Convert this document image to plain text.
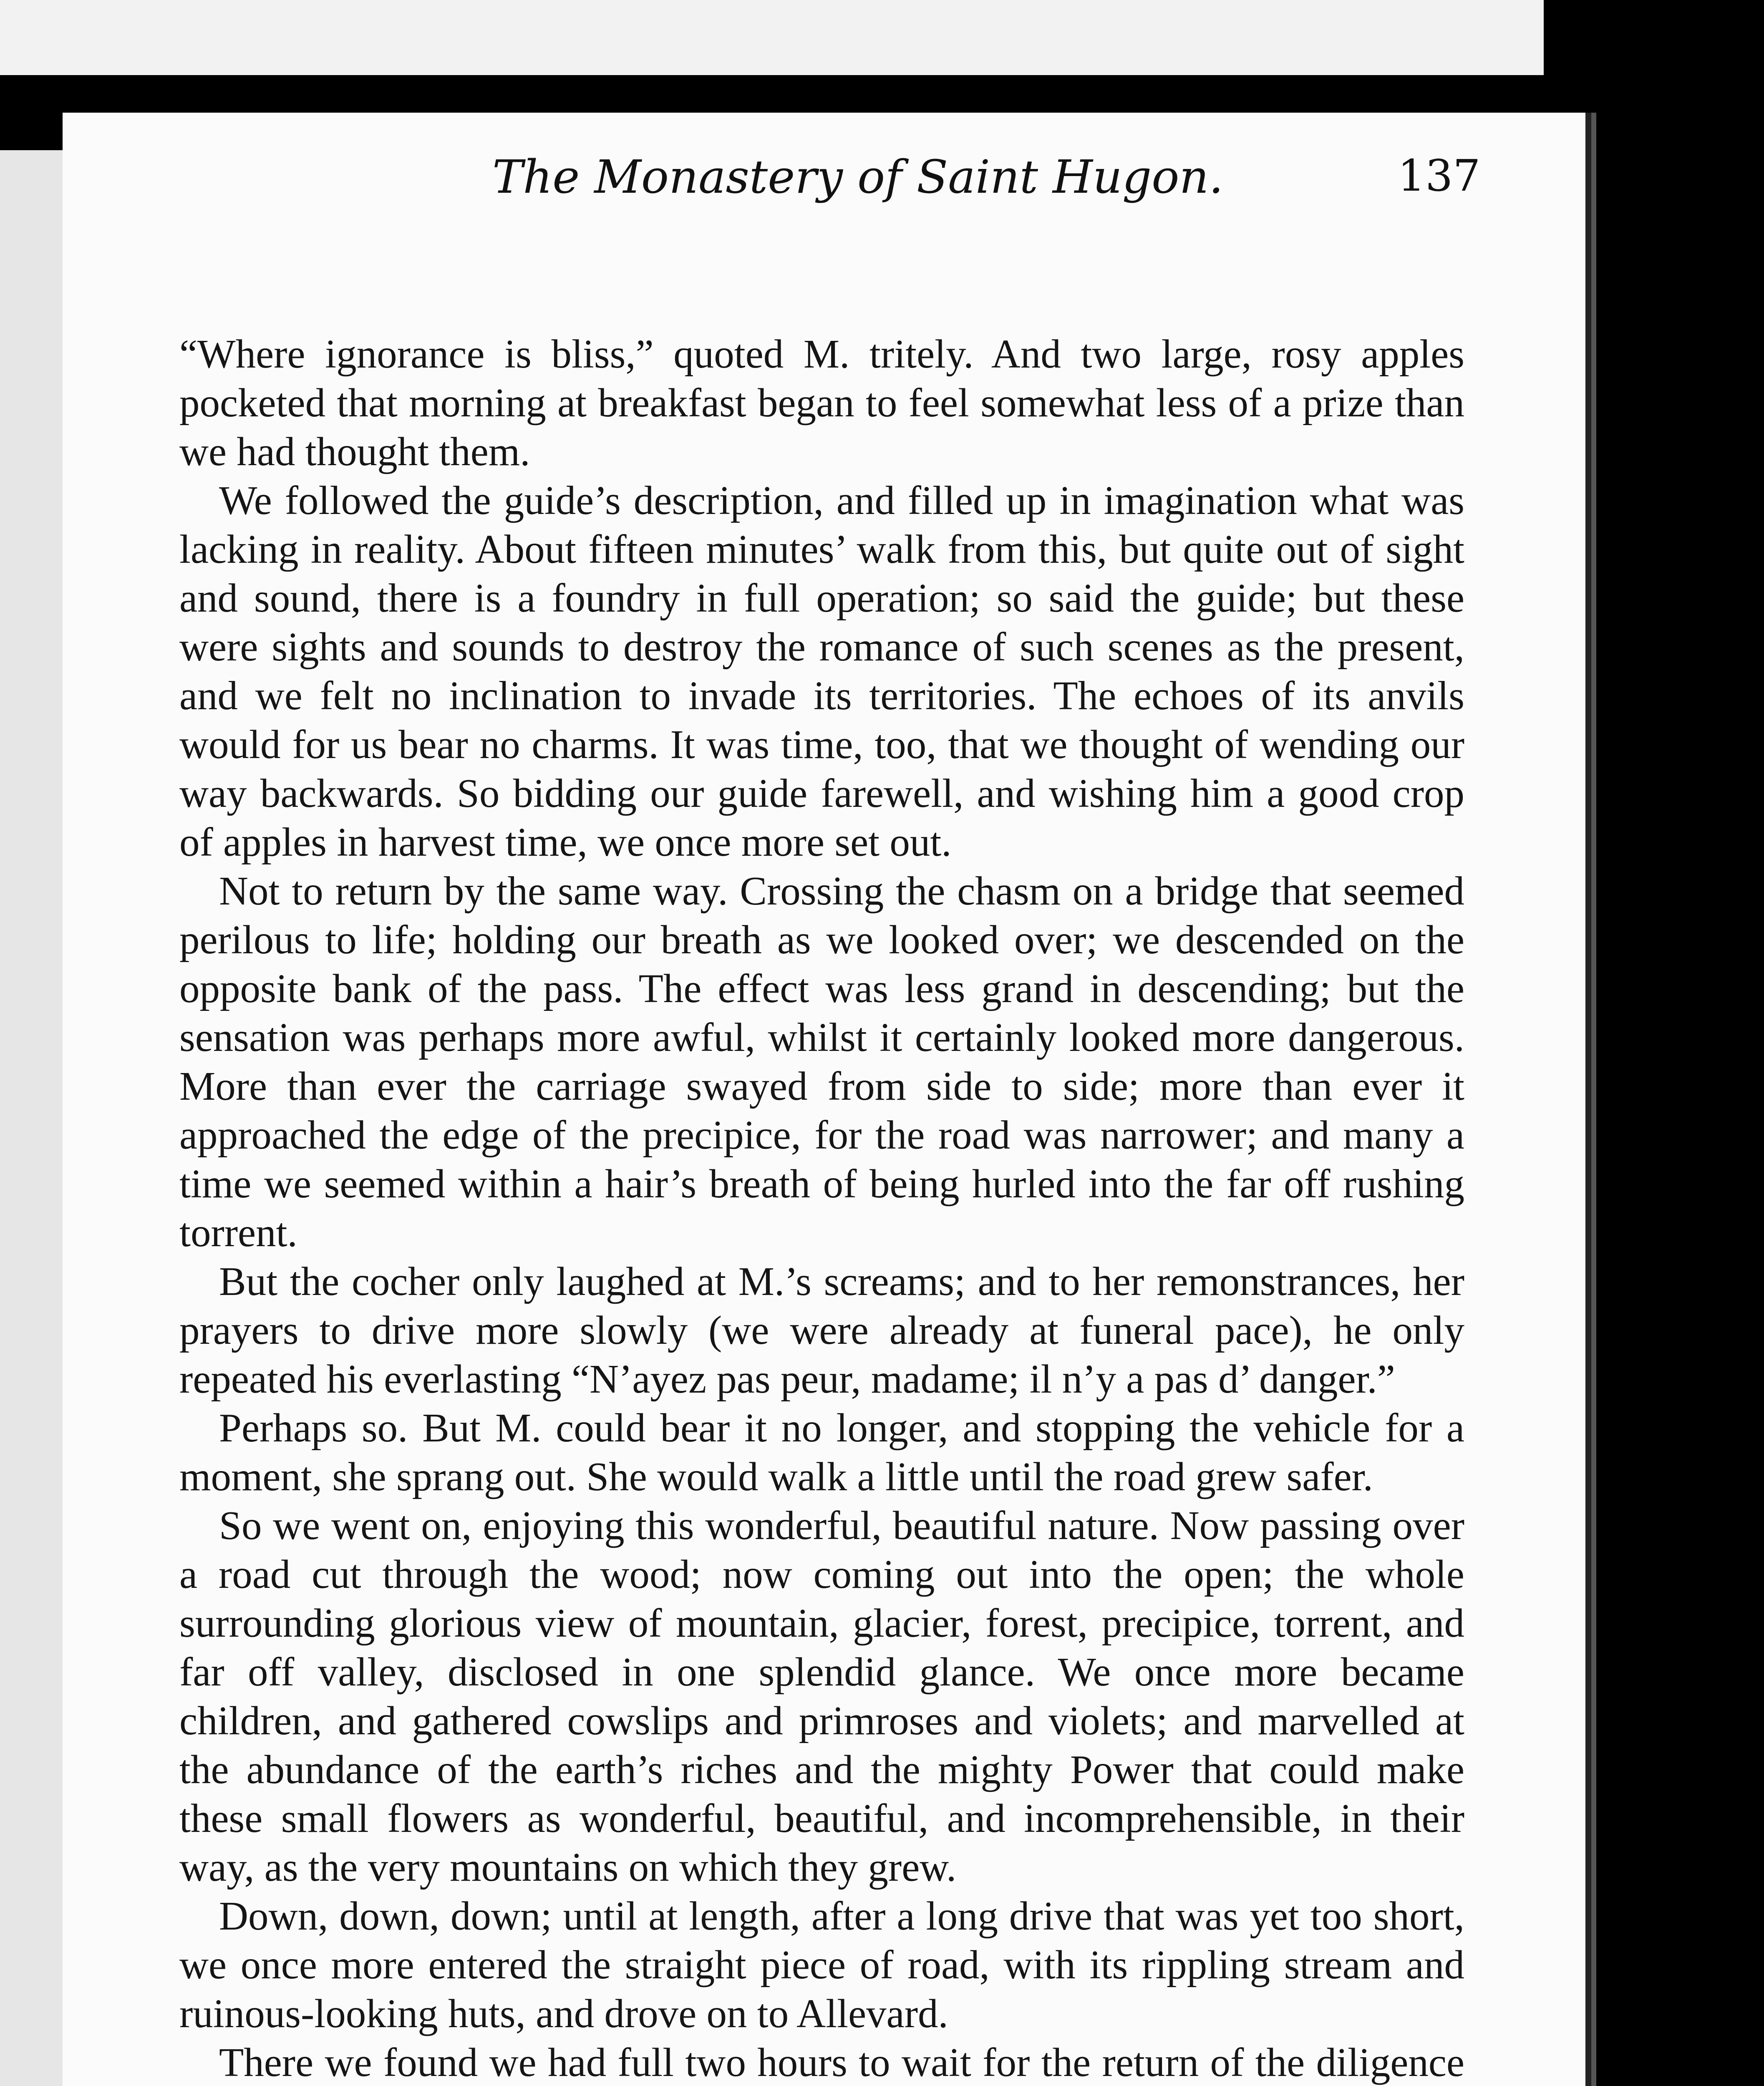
The Monastery of Saint Hugon.	137

“Where ignorance is bliss,” quoted M. tritely. And two large, rosy apples pocketed that morning at breakfast began to feel somewhat less of a prize than we had thought them.

We followed the guide’s description, and filled up in imagination what was lacking in reality. About fifteen minutes’ walk from this, but quite out of sight and sound, there is a foundry in full operation; so said the guide; but these were sights and sounds to destroy the romance of such scenes as the present, and we felt no inclination to invade its territories. The echoes of its anvils would for us bear no charms. It was time, too, that we thought of wending our way backwards. So bidding our guide farewell, and wishing him a good crop of apples in harvest time, we once more set out.

Not to return by the same way. Crossing the chasm on a bridge that seemed perilous to life; holding our breath as we looked over; we descended on the opposite bank of the pass. The effect was less grand in descending; but the sensation was perhaps more awful, whilst it certainly looked more dangerous. More than ever the carriage swayed from side to side; more than ever it approached the edge of the precipice, for the road was narrower; and many a time we seemed within a hair’s breath of being hurled into the far off rushing torrent.

But the cocher only laughed at M.’s screams; and to her remonstrances, her prayers to drive more slowly (we were already at funeral pace), he only repeated his everlasting “N’ayez pas peur, madame; il n’y a pas d’ danger.”

Perhaps so. But M. could bear it no longer, and stopping the vehicle for a moment, she sprang out. She would walk a little until the road grew safer.

So we went on, enjoying this wonderful, beautiful nature. Now passing over a road cut through the wood; now coming out into the open; the whole surrounding glorious view of mountain, glacier, forest, precipice, torrent, and far off valley, disclosed in one splendid glance. We once more became children, and gathered cowslips and primroses and violets; and marvelled at the abundance of the earth’s riches and the mighty Power that could make these small flowers as wonderful, beautiful, and incomprehensible, in their way, as the very mountains on which they grew.

Down, down, down; until at length, after a long drive that was yet too short, we once more entered the straight piece of road, with its rippling stream and ruinous-looking huts, and drove on to Allevard.

There we found we had full two hours to wait for the return of the diligence
